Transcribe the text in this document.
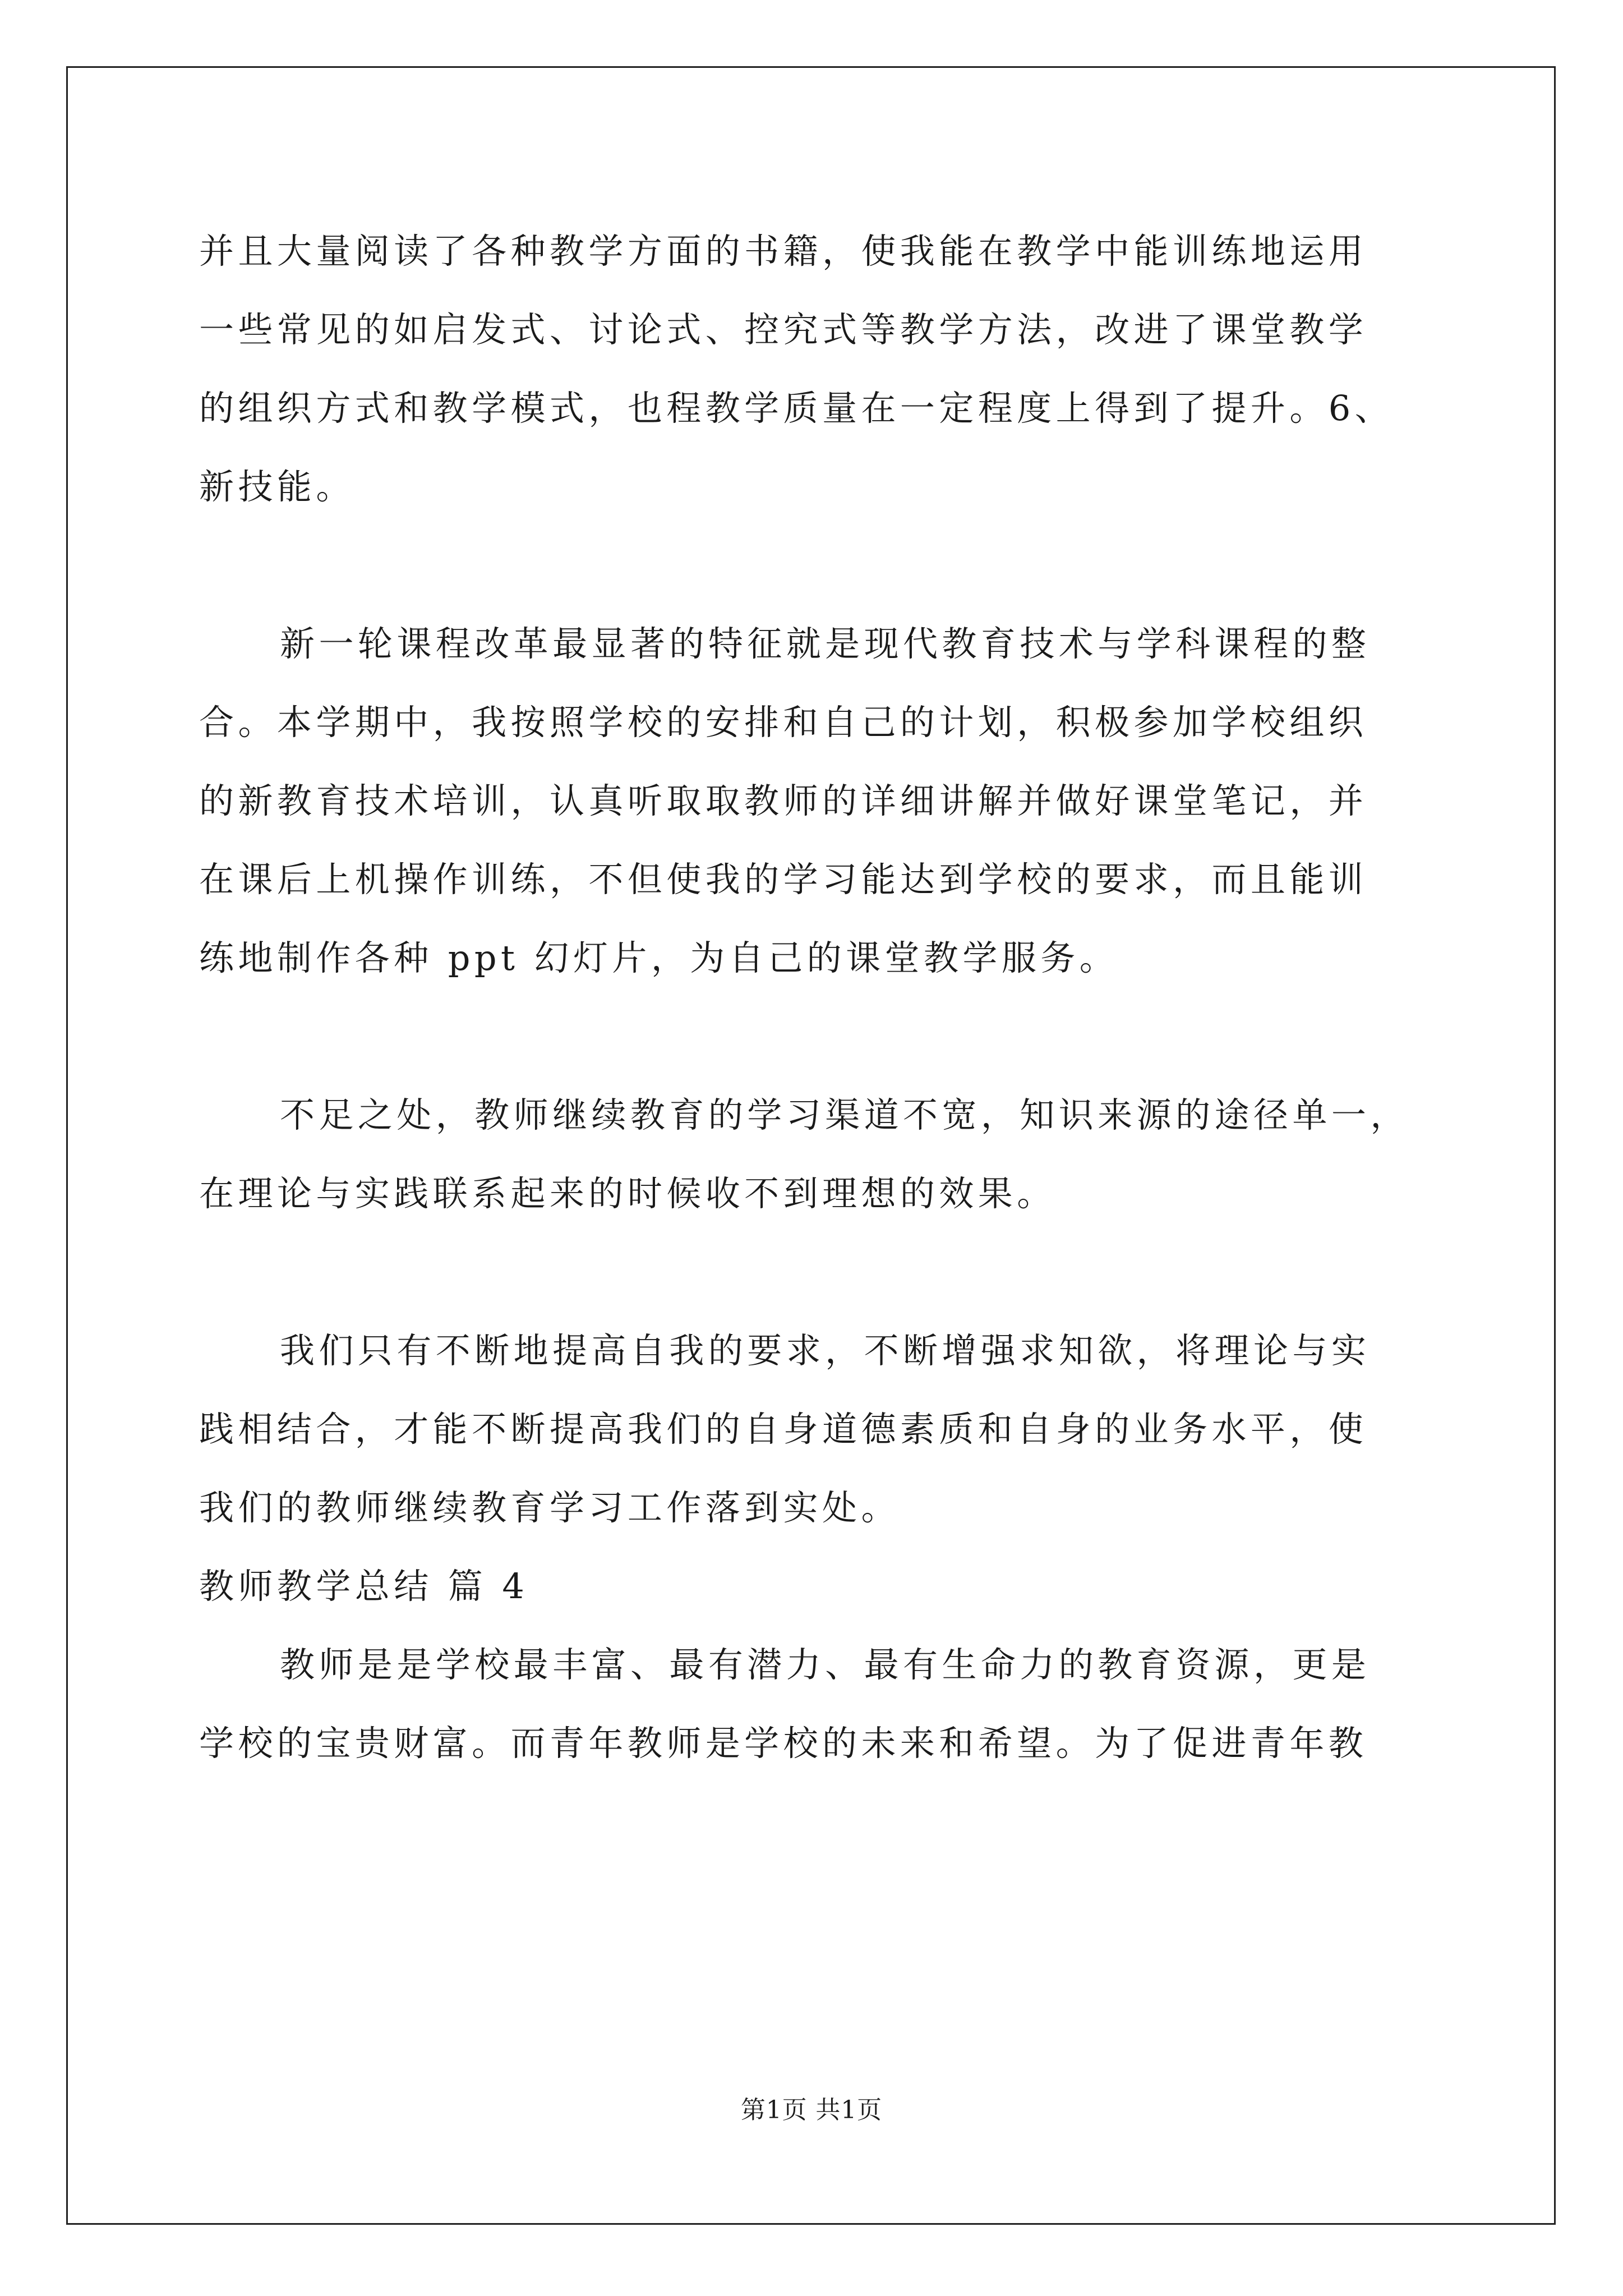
并且大量阅读了各种教学方面的书籍，使我能在教学中能训练地运用
一些常见的如启发式、讨论式、控究式等教学方法，改进了课堂教学
的组织方式和教学模式，也程教学质量在一定程度上得到了提升。6、
新技能。
新一轮课程改革最显著的特征就是现代教育技术与学科课程的整
合。本学期中，我按照学校的安排和自己的计划，积极参加学校组织
的新教育技术培训，认真听取取教师的详细讲解并做好课堂笔记，并
在课后上机操作训练，不但使我的学习能达到学校的要求，而且能训
练地制作各种 ppt 幻灯片，为自己的课堂教学服务。
不足之处，教师继续教育的学习渠道不宽，知识来源的途径单一，
在理论与实践联系起来的时候收不到理想的效果。
我们只有不断地提高自我的要求，不断增强求知欲，将理论与实
践相结合，才能不断提高我们的自身道德素质和自身的业务水平，使
我们的教师继续教育学习工作落到实处。
教师教学总结 篇 4
教师是是学校最丰富、最有潜力、最有生命力的教育资源，更是
学校的宝贵财富。而青年教师是学校的未来和希望。为了促进青年教
第1页 共1页
